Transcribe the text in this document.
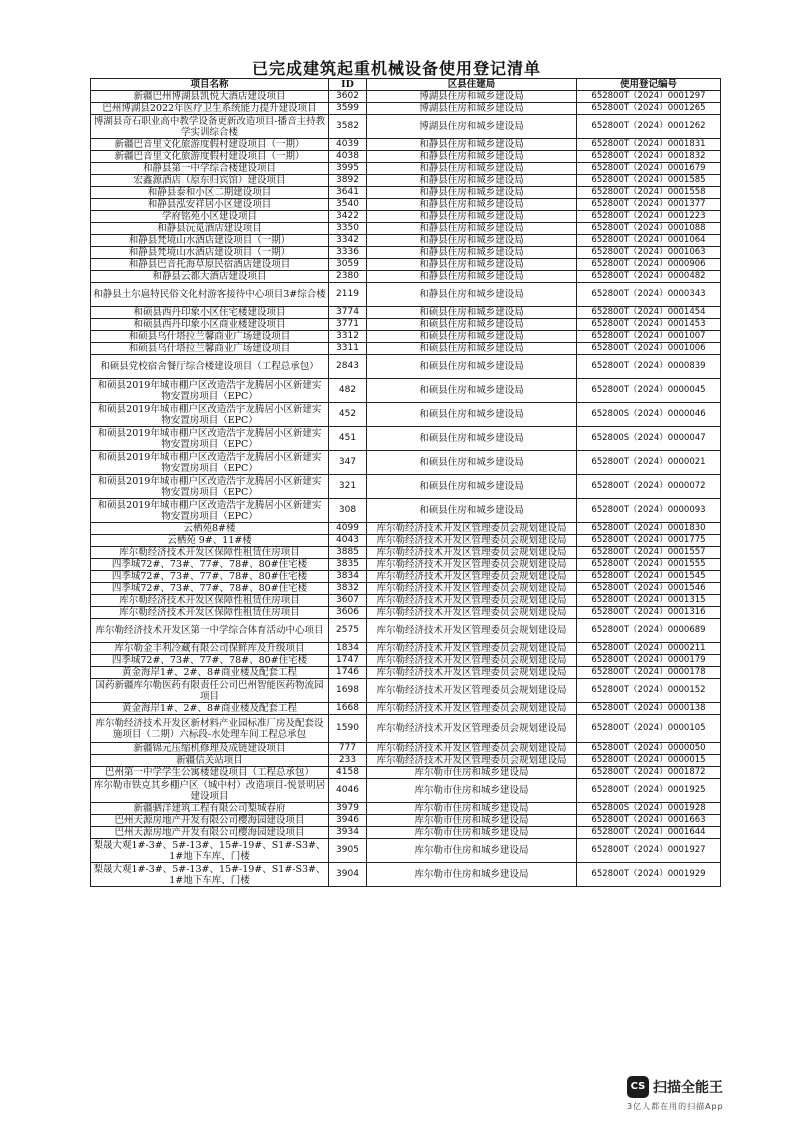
已完成建筑起重机械设备使用登记清单
项目名称	ID	区县住建局	使用登记编号
新疆巴州博湖县凯悦大酒店建设项目	3602	博湖县住房和城乡建设局	652800T（2024）0001297
巴州博湖县2022年医疗卫生系统能力提升建设项目	3599	博湖县住房和城乡建设局	652800T（2024）0001265
博湖县奇石职业高中教学设备更新改造项目-播音主持教学实训综合楼	3582	博湖县住房和城乡建设局	652800T（2024）0001262
新疆巴音里文化旅游度假村建设项目（一期）	4039	和静县住房和城乡建设局	652800T（2024）0001831
新疆巴音里文化旅游度假村建设项目（一期）	4038	和静县住房和城乡建设局	652800T（2024）0001832
和静县第一中学综合楼建设项目	3995	和静县住房和城乡建设局	652800T（2024）0001679
宏鑫源酒店（原东归宾馆）建设项目	3892	和静县住房和城乡建设局	652800T（2024）0001585
和静县泰和小区二期建设项目	3641	和静县住房和城乡建设局	652800T（2024）0001558
和静县泓安祥居小区建设项目	3540	和静县住房和城乡建设局	652800T（2024）0001377
学府铭苑小区建设项目	3422	和静县住房和城乡建设局	652800T（2024）0001223
和静县沅觅酒店建设项目	3350	和静县住房和城乡建设局	652800T（2024）0001088
和静县梵境山水酒店建设项目（一期）	3342	和静县住房和城乡建设局	652800T（2024）0001064
和静县梵境山水酒店建设项目（一期）	3336	和静县住房和城乡建设局	652800T（2024）0001063
和静县巴音托海草原民宿酒店建设项目	3059	和静县住房和城乡建设局	652800T（2024）0000906
和静县云都大酒店建设项目	2380	和静县住房和城乡建设局	652800T（2024）0000482
和静县土尔扈特民俗文化村游客接待中心项目3#综合楼	2119	和静县住房和城乡建设局	652800T（2024）0000343
和硕县西丹印象小区住宅楼建设项目	3774	和硕县住房和城乡建设局	652800T（2024）0001454
和硕县西丹印象小区商业楼建设项目	3771	和硕县住房和城乡建设局	652800T（2024）0001453
和硕县乌什塔拉兰馨商业广场建设项目	3312	和硕县住房和城乡建设局	652800T（2024）0001007
和硕县乌什塔拉兰馨商业广场建设项目	3311	和硕县住房和城乡建设局	652800T（2024）0001006
和硕县党校宿舍餐厅综合楼建设项目（工程总承包）	2843	和硕县住房和城乡建设局	652800T（2024）0000839
和硕县2019年城市棚户区改造浩宇龙腾居小区新建实物安置房项目（EPC）	482	和硕县住房和城乡建设局	652800T（2024）0000045
和硕县2019年城市棚户区改造浩宇龙腾居小区新建实物安置房项目（EPC）	452	和硕县住房和城乡建设局	652800S（2024）0000046
和硕县2019年城市棚户区改造浩宇龙腾居小区新建实物安置房项目（EPC）	451	和硕县住房和城乡建设局	652800S（2024）0000047
和硕县2019年城市棚户区改造浩宇龙腾居小区新建实物安置房项目（EPC）	347	和硕县住房和城乡建设局	652800T（2024）0000021
和硕县2019年城市棚户区改造浩宇龙腾居小区新建实物安置房项目（EPC）	321	和硕县住房和城乡建设局	652800T（2024）0000072
和硕县2019年城市棚户区改造浩宇龙腾居小区新建实物安置房项目（EPC）	308	和硕县住房和城乡建设局	652800T（2024）0000093
云栖苑8#楼	4099	库尔勒经济技术开发区管理委员会规划建设局	652800T（2024）0001830
云栖苑 9#、11#楼	4043	库尔勒经济技术开发区管理委员会规划建设局	652800T（2024）0001775
库尔勒经济技术开发区保障性租赁住房项目	3885	库尔勒经济技术开发区管理委员会规划建设局	652800T（2024）0001557
四季城72#、73#、77#、78#、80#住宅楼	3835	库尔勒经济技术开发区管理委员会规划建设局	652800T（2024）0001555
四季城72#、73#、77#、78#、80#住宅楼	3834	库尔勒经济技术开发区管理委员会规划建设局	652800T（2024）0001545
四季城72#、73#、77#、78#、80#住宅楼	3832	库尔勒经济技术开发区管理委员会规划建设局	652800T（2024）0001546
库尔勒经济技术开发区保障性租赁住房项目	3607	库尔勒经济技术开发区管理委员会规划建设局	652800T（2024）0001315
库尔勒经济技术开发区保障性租赁住房项目	3606	库尔勒经济技术开发区管理委员会规划建设局	652800T（2024）0001316
库尔勒经济技术开发区第一中学综合体育活动中心项目	2575	库尔勒经济技术开发区管理委员会规划建设局	652800T（2024）0000689
库尔勒金丰利冷藏有限公司保鲜库及升级项目	1834	库尔勒经济技术开发区管理委员会规划建设局	652800T（2024）0000211
四季城72#、73#、77#、78#、80#住宅楼	1747	库尔勒经济技术开发区管理委员会规划建设局	652800T（2024）0000179
黄金海岸1#、2#、8#商业楼及配套工程	1746	库尔勒经济技术开发区管理委员会规划建设局	652800T（2024）0000178
国药新疆库尔勒医药有限责任公司巴州智能医药物流园项目	1698	库尔勒经济技术开发区管理委员会规划建设局	652800T（2024）0000152
黄金海岸1#、2#、8#商业楼及配套工程	1668	库尔勒经济技术开发区管理委员会规划建设局	652800T（2024）0000138
库尔勒经济技术开发区新材料产业园标准厂房及配套设施项目（二期）六标段-水处理车间工程总承包	1590	库尔勒经济技术开发区管理委员会规划建设局	652800T（2024）0000105
新疆锦元压缩机修理及成链建设项目	777	库尔勒经济技术开发区管理委员会规划建设局	652800T（2024）0000050
新疆信关站项目	233	库尔勒经济技术开发区管理委员会规划建设局	652800T（2024）0000015
巴州第一中学学生公寓楼建设项目（工程总承包）	4158	库尔勒市住房和城乡建设局	652800T（2024）0001872
库尔勒市铁克其乡棚户区（城中村）改造项目-悦景明居建设项目	4046	库尔勒市住房和城乡建设局	652800T（2024）0001925
新疆驷洋建筑工程有限公司梨城春府	3979	库尔勒市住房和城乡建设局	652800S（2024）0001928
巴州天源房地产开发有限公司樱海园建设项目	3946	库尔勒市住房和城乡建设局	652800T（2024）0001663
巴州天源房地产开发有限公司樱海园建设项目	3934	库尔勒市住房和城乡建设局	652800T（2024）0001644
梨晟大观1#-3#、5#-13#、15#-19#、S1#-S3#、1#地下车库、门楼	3905	库尔勒市住房和城乡建设局	652800T（2024）0001927
梨晟大观1#-3#、5#-13#、15#-19#、S1#-S3#、1#地下车库、门楼	3904	库尔勒市住房和城乡建设局	652800T（2024）0001929
CS 扫描全能王
3亿人都在用的扫描App
